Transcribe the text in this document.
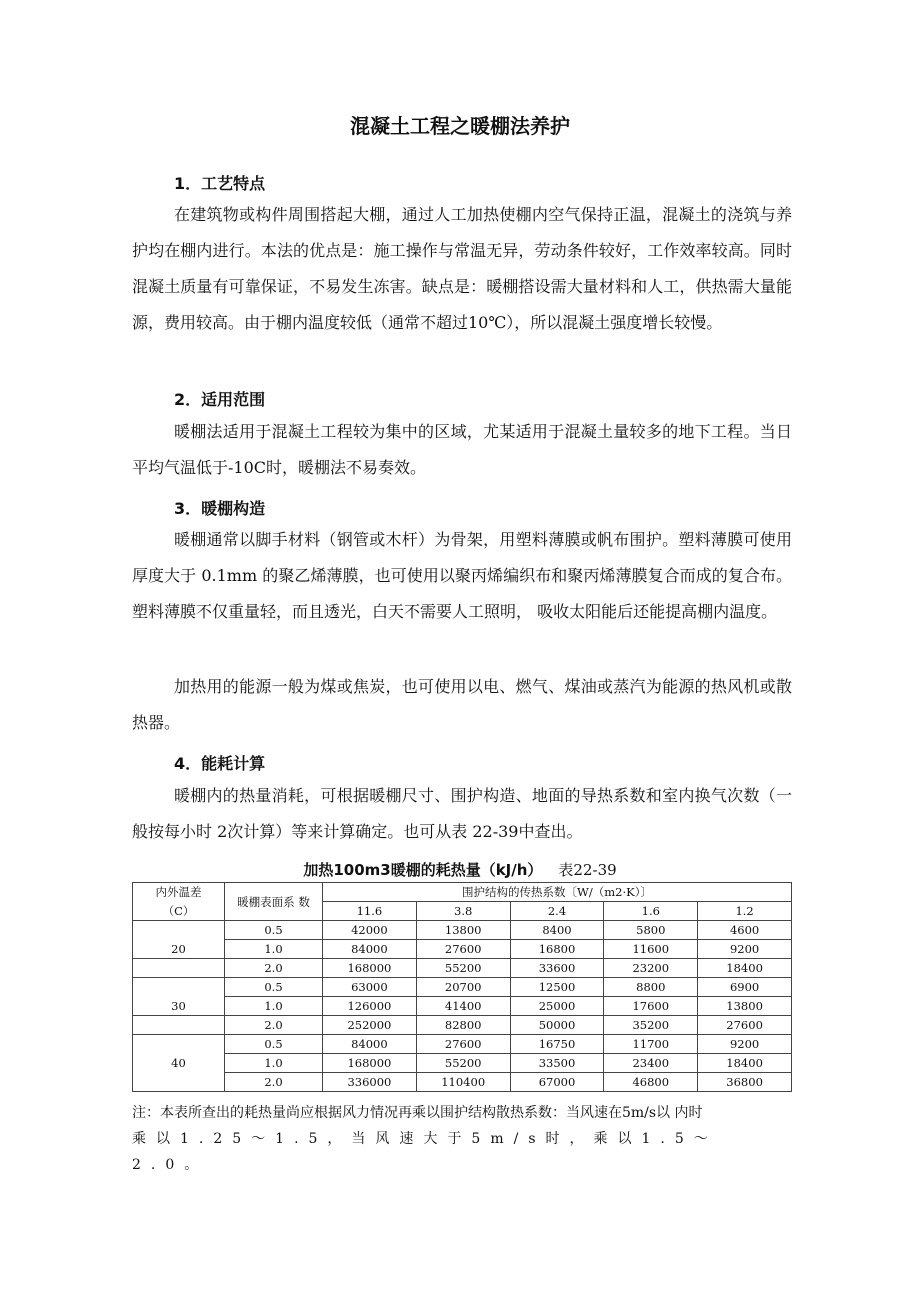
混凝土工程之暖棚法养护
1．工艺特点

在建筑物或构件周围搭起大棚，通过人工加热使棚内空气保持正温，混凝土的浇筑与养护均在棚内进行。本法的优点是：施工操作与常温无异，劳动条件较好，工作效率较高。同时混凝土质量有可靠保证，不易发生冻害。缺点是：暖棚搭设需大量材料和人工，供热需大量能源，费用较高。由于棚内温度较低（通常不超过10℃），所以混凝土强度增长较慢。

2．适用范围

暖棚法适用于混凝土工程较为集中的区域，尤某适用于混凝土量较多的地下工程。当日平均气温低于-10C时，暖棚法不易奏效。

3．暖棚构造

暖棚通常以脚手材料（钢管或木杆）为骨架，用塑料薄膜或帆布围护。塑料薄膜可使用厚度大于 0.1mm 的聚乙烯薄膜，也可使用以聚丙烯编织布和聚丙烯薄膜复合而成的复合布。塑料薄膜不仅重量轻，而且透光，白天不需要人工照明， 吸收太阳能后还能提高棚内温度。

加热用的能源一般为煤或焦炭，也可使用以电、燃气、煤油或蒸汽为能源的热风机或散热器。

4．能耗计算

暖棚内的热量消耗，可根据暖棚尺寸、围护构造、地面的导热系数和室内换气次数（一般按每小时 2次计算）等来计算确定。也可从表 22-39中查出。

加热100m3暖棚的耗热量（kJ/h） 表22-39
内外温差	暖棚表面系 数	围护结构的传热系数〔W/（m2·K）〕				
（C）		11.6	3.8	2.4	1.6	1.2
	0.5	42000	13800	8400	5800	4600
20	1.0	84000	27600	16800	11600	9200
	2.0	168000	55200	33600	23200	18400
	0.5	63000	20700	12500	8800	6900
30	1.0	126000	41400	25000	17600	13800
	2.0	252000	82800	50000	35200	27600
	0.5	84000	27600	16750	11700	9200
40	1.0	168000	55200	33500	23400	18400
	2.0	336000	110400	67000	46800	36800

注：本表所查出的耗热量尚应根据风力情况再乘以围护结构散热系数：当风速在5m/s以 内时
乘以1.25～1.5，当风速大于5m/s时，乘以1.5～2.0。
